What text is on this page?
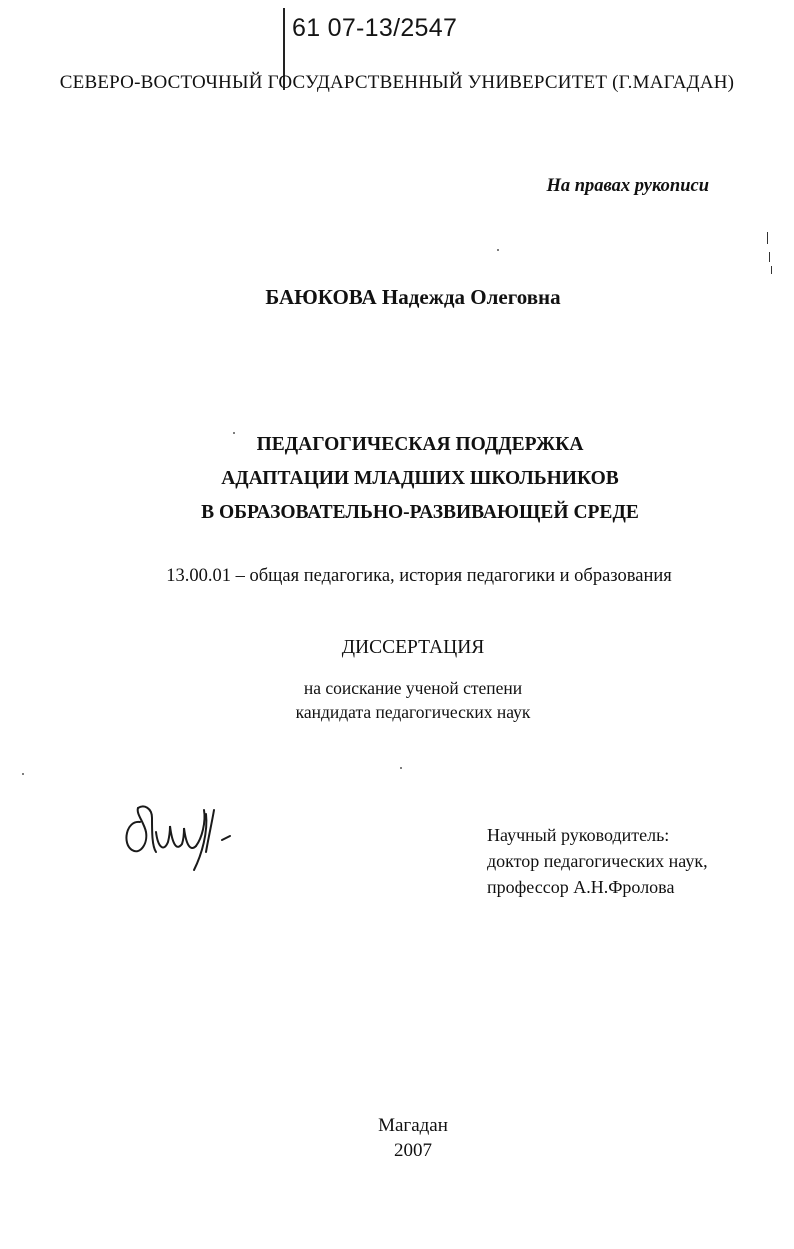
61 07-13/2547
СЕВЕРО-ВОСТОЧНЫЙ ГОСУДАРСТВЕННЫЙ УНИВЕРСИТЕТ (Г.МАГАДАН)
На правах рукописи
БАЮКОВА Надежда Олеговна
ПЕДАГОГИЧЕСКАЯ ПОДДЕРЖКА
АДАПТАЦИИ МЛАДШИХ ШКОЛЬНИКОВ
В ОБРАЗОВАТЕЛЬНО-РАЗВИВАЮЩЕЙ СРЕДЕ
13.00.01 – общая педагогика, история педагогики и образования
ДИССЕРТАЦИЯ
на соискание ученой степени
кандидата педагогических наук
Научный руководитель:
доктор педагогических наук,
профессор А.Н.Фролова
Магадан
2007
